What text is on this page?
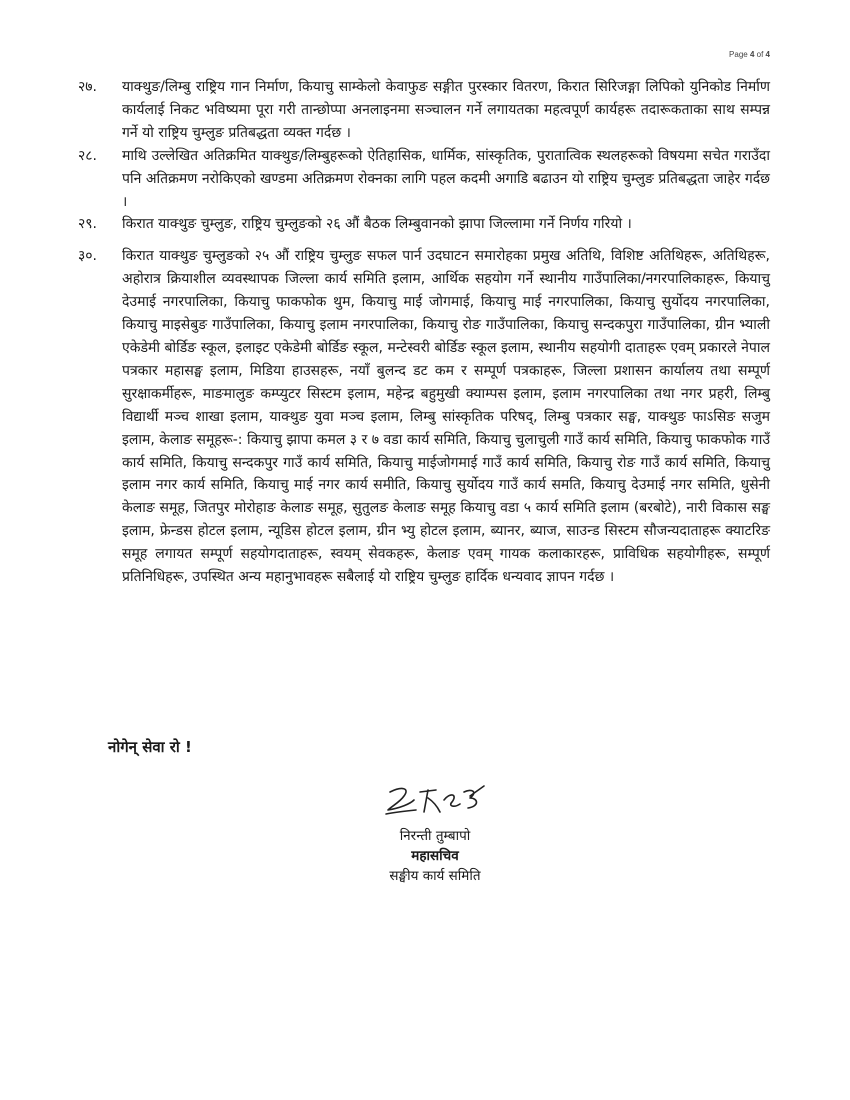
Page 4 of 4
२७.	याक्थुङ/लिम्बु राष्ट्रिय गान निर्माण, कियाचु साम्केलो केवाफुङ सङ्गीत पुरस्कार वितरण, किरात सिरिजङ्गा लिपिको युनिकोड निर्माण कार्यलाई निकट भविष्यमा पूरा गरी तान्छोप्पा अनलाइनमा सञ्चालन गर्ने लगायतका महत्वपूर्ण कार्यहरू तदारूकताका साथ सम्पन्न गर्ने यो राष्ट्रिय चुम्लुङ प्रतिबद्धता व्यक्त गर्दछ ।
२८.	माथि उल्लेखित अतिक्रमित याक्थुङ/लिम्बुहरूको ऐतिहासिक, धार्मिक, सांस्कृतिक, पुरातात्विक स्थलहरूको विषयमा सचेत गराउँदा पनि अतिक्रमण नरोकिएको खण्डमा अतिक्रमण रोक्नका लागि पहल कदमी अगाडि बढाउन यो राष्ट्रिय चुम्लुङ प्रतिबद्धता जाहेर गर्दछ ।
२९.	किरात याक्थुङ चुम्लुङ, राष्ट्रिय चुम्लुङको २६ औं बैठक लिम्बुवानको झापा जिल्लामा गर्ने निर्णय गरियो ।
३०.	किरात याक्थुङ चुम्लुङको २५ औं राष्ट्रिय चुम्लुङ सफल पार्न उदघाटन समारोहका प्रमुख अतिथि, विशिष्ट अतिथिहरू, अतिथिहरू, अहोरात्र क्रियाशील व्यवस्थापक जिल्ला कार्य समिति इलाम, आर्थिक सहयोग गर्ने स्थानीय गाउँपालिका/नगरपालिकाहरू, कियाचु देउमाई नगरपालिका, कियाचु फाकफोक थुम, कियाचु माई जोगमाई, कियाचु माई नगरपालिका, कियाचु सुर्योदय नगरपालिका, कियाचु माइसेबुङ गाउँपालिका, कियाचु इलाम नगरपालिका, कियाचु रोङ गाउँपालिका, कियाचु सन्दकपुरा गाउँपालिका, ग्रीन भ्याली एकेडेमी बोर्डिङ स्कूल, इलाइट एकेडेमी बोर्डिङ स्कूल, मन्टेस्वरी बोर्डिङ स्कूल इलाम, स्थानीय सहयोगी दाताहरू एवम् प्रकारले नेपाल पत्रकार महासङ्घ इलाम, मिडिया हाउसहरू, नयाँ बुलन्द डट कम र सम्पूर्ण पत्रकाहरू, जिल्ला प्रशासन कार्यालय तथा सम्पूर्ण सुरक्षाकर्मीहरू, माङमालुङ कम्प्युटर सिस्टम इलाम, महेन्द्र बहुमुखी क्याम्पस इलाम, इलाम नगरपालिका तथा नगर प्रहरी, लिम्बु विद्यार्थी मञ्च शाखा इलाम, याक्थुङ युवा मञ्च इलाम, लिम्बु सांस्कृतिक परिषद्, लिम्बु पत्रकार सङ्घ, याक्थुङ फाऽसिङ सजुम इलाम, केलाङ समूहरू-: कियाचु झापा कमल ३ र ७ वडा कार्य समिति, कियाचु चुलाचुली गाउँ कार्य समिति, कियाचु फाकफोक गाउँ कार्य समिति, कियाचु सन्दकपुर गाउँ कार्य समिति, कियाचु माईजोगमाई गाउँ कार्य समिति, कियाचु रोङ गाउँ कार्य समिति, कियाचु इलाम नगर कार्य समिति, कियाचु माई नगर कार्य समीति, कियाचु सुर्योदय गाउँ कार्य समति, कियाचु देउमाई नगर समिति, धुसेनी केलाङ समूह, जितपुर मोरोहाङ केलाङ समूह, सुतुलङ केलाङ समूह कियाचु वडा ५ कार्य समिति इलाम (बरबोटे), नारी विकास सङ्घ इलाम, फ्रेन्डस होटल इलाम, न्यूडिस होटल इलाम, ग्रीन भ्यु होटल इलाम, ब्यानर, ब्याज, साउन्ड सिस्टम सौजन्यदाताहरू क्याटरिङ समूह लगायत सम्पूर्ण सहयोगदाताहरू, स्वयम् सेवकहरू, केलाङ एवम् गायक कलाकारहरू, प्राविधिक सहयोगीहरू, सम्पूर्ण प्रतिनिधिहरू, उपस्थित अन्य महानुभावहरू सबैलाई यो राष्ट्रिय चुम्लुङ हार्दिक धन्यवाद ज्ञापन गर्दछ ।
नोगेन् सेवा रो !
निरन्ती तुम्बापो
महासचिव
सङ्घीय कार्य समिति
